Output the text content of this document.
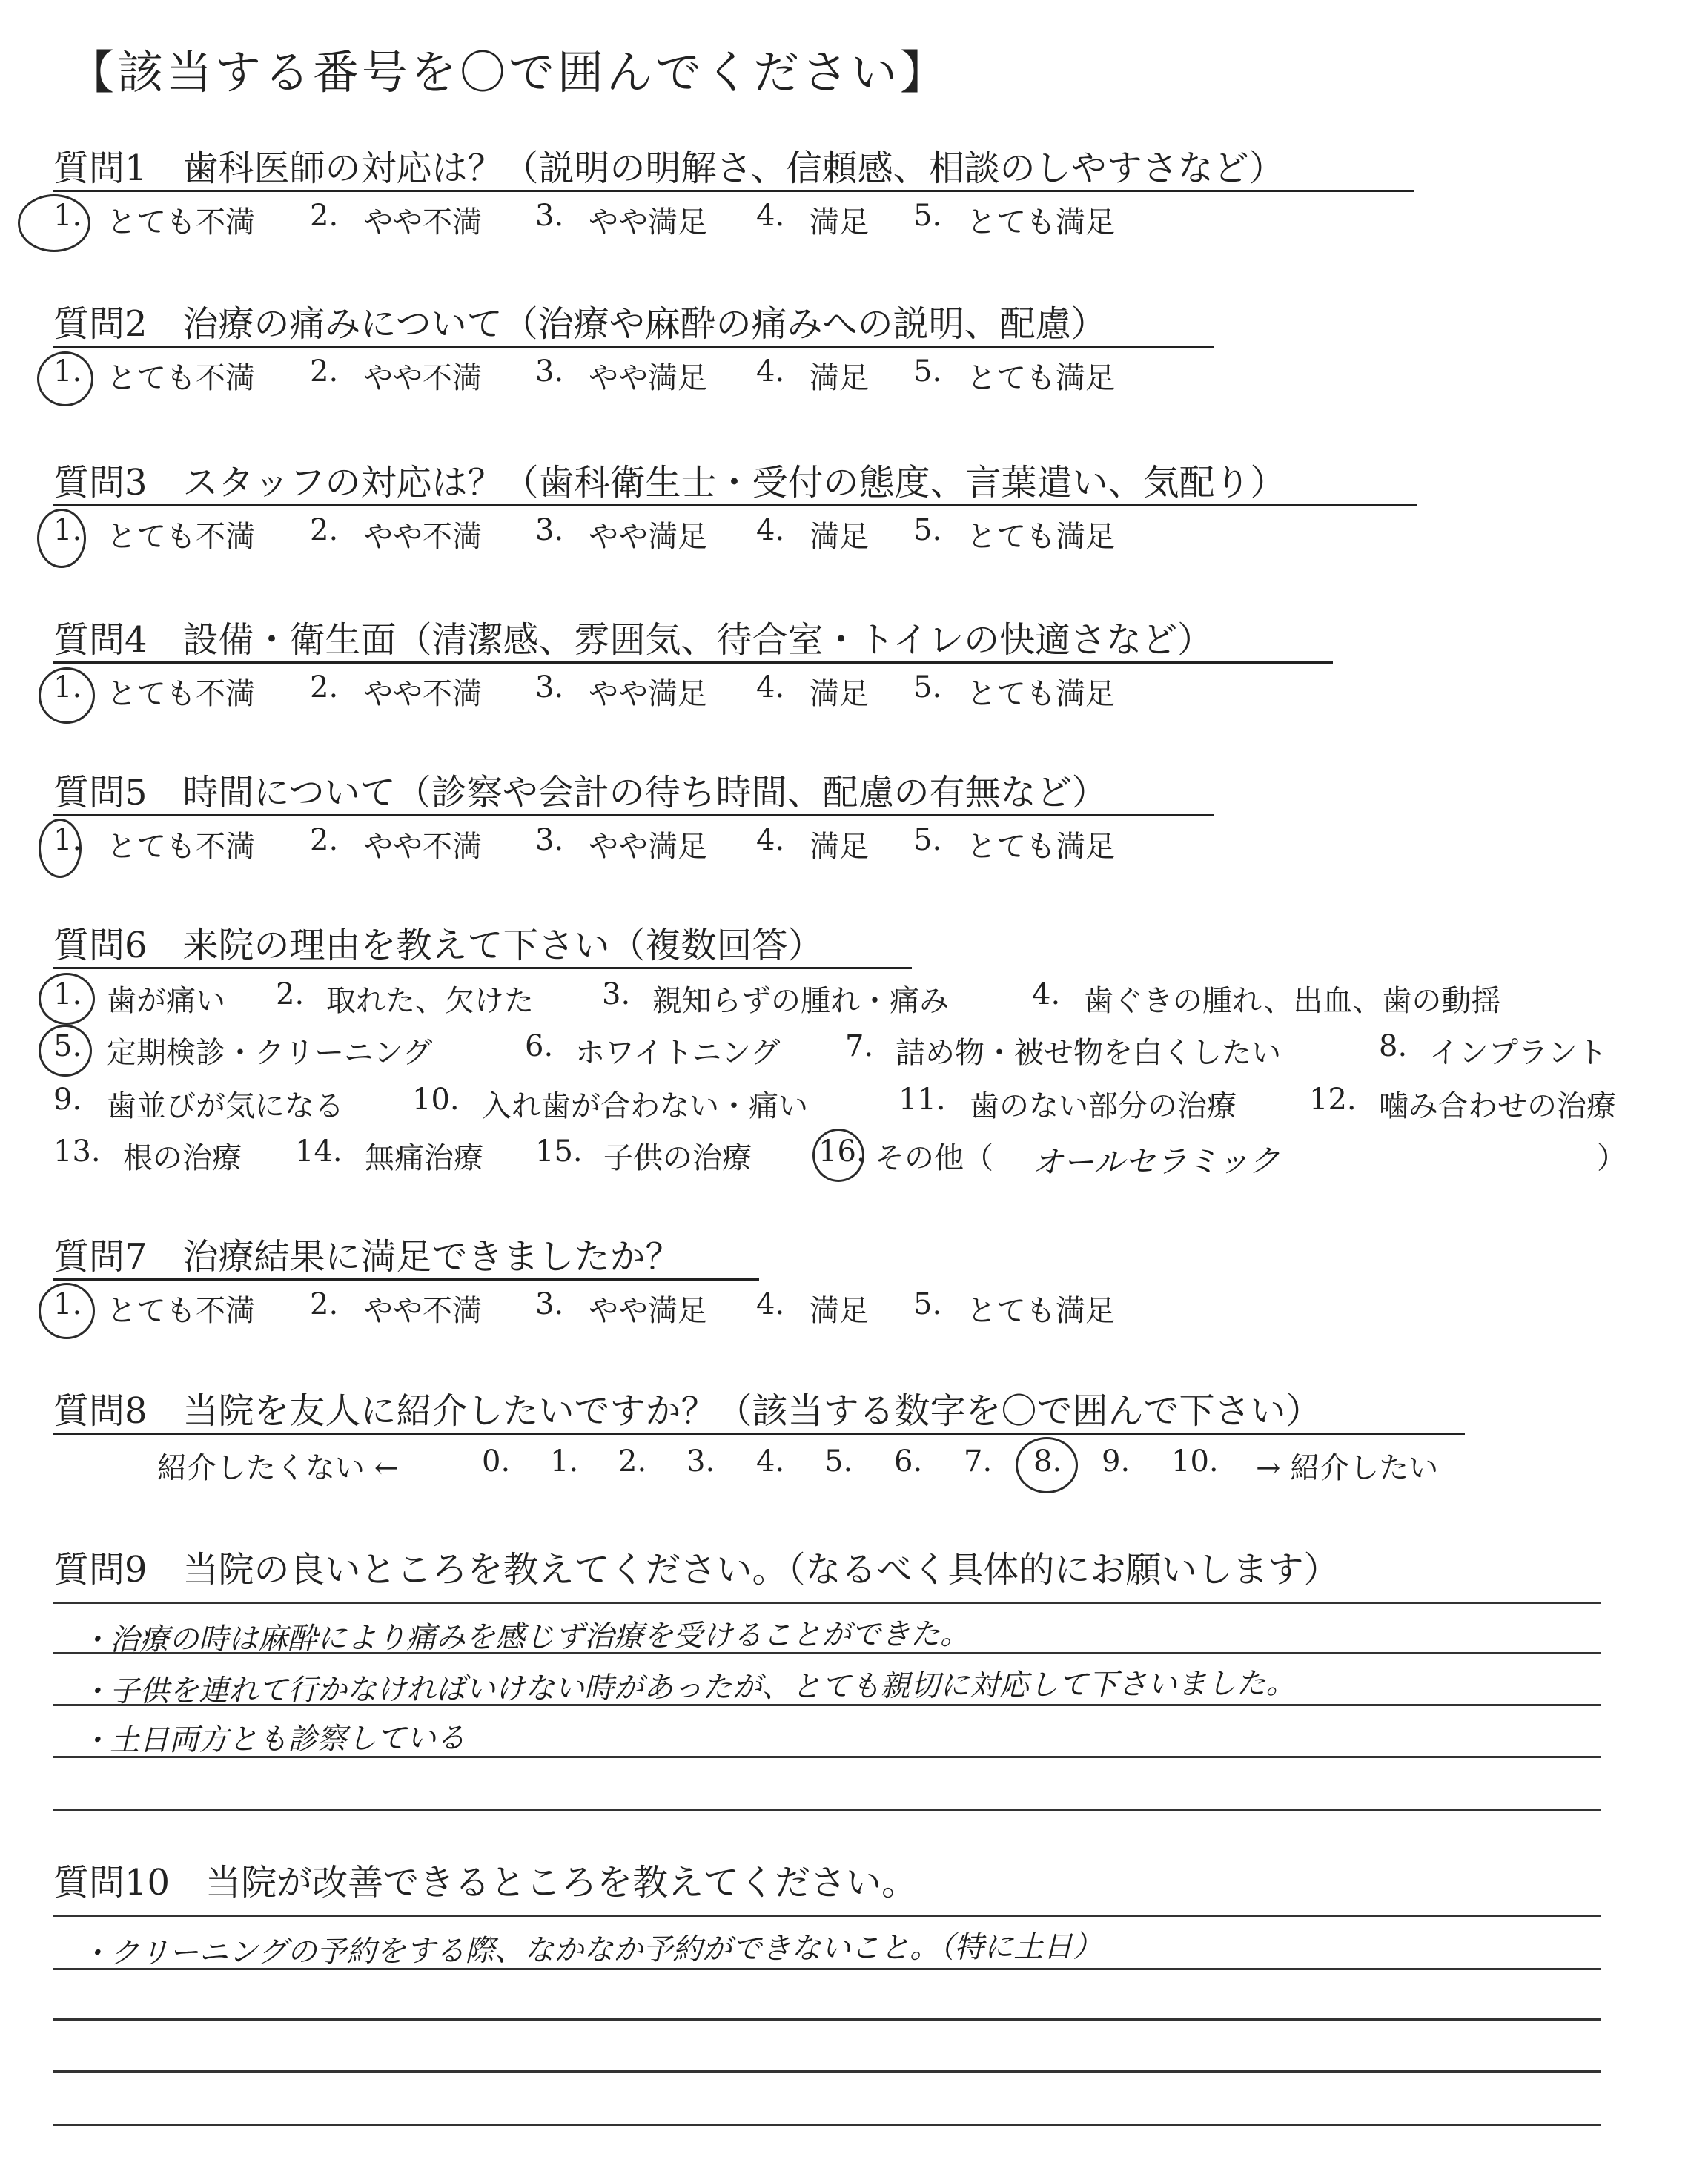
【該当する番号を〇で囲んでください】
質問1　歯科医師の対応は？（説明の明解さ、信頼感、相談のしやすさなど）
1. とても不満 2. やや不満 3. やや満足 4. 満足 5. とても満足
質問2　治療の痛みについて（治療や麻酔の痛みへの説明、配慮）
1. とても不満 2. やや不満 3. やや満足 4. 満足 5. とても満足
質問3　スタッフの対応は？（歯科衛生士・受付の態度、言葉遣い、気配り）
1. とても不満 2. やや不満 3. やや満足 4. 満足 5. とても満足
質問4　設備・衛生面（清潔感、雰囲気、待合室・トイレの快適さなど）
1. とても不満 2. やや不満 3. やや満足 4. 満足 5. とても満足
質問5　時間について（診察や会計の待ち時間、配慮の有無など）
1. とても不満 2. やや不満 3. やや満足 4. 満足 5. とても満足
質問6　来院の理由を教えて下さい（複数回答）
1. 歯が痛い 2. 取れた、欠けた 3. 親知らずの腫れ・痛み	4. 歯ぐきの腫れ、出血、歯の動揺
5. 定期検診・クリーニング	6. ホワイトニング 7. 詰め物・被せ物を白くしたい	8. インプラント
9. 歯並びが気になる 10. 入れ歯が合わない・痛い	11. 歯のない部分の治療 12. 噛み合わせの治療
13. 根の治療 14. 無痛治療 15. 子供の治療 16. その他（ オールセラミック	）
質問7　治療結果に満足できましたか？
1. とても不満 2. やや不満 3. やや満足 4. 満足 5. とても満足
質問8　当院を友人に紹介したいですか？（該当する数字を〇で囲んで下さい）
紹介したくない ←	0. 1. 2. 3. 4. 5. 6. 7. 8. 9. 10. → 紹介したい
質問9　当院の良いところを教えてください。（なるべく具体的にお願いします）
・治療の時は麻酔により痛みを感じず治療を受けることができた。
・子供を連れて行かなければいけない時があったが、とても親切に対応して下さいました。
・土日両方とも診察している
質問10　当院が改善できるところを教えてください。
・クリーニングの予約をする際、なかなか予約ができないこと。（特に土日）
